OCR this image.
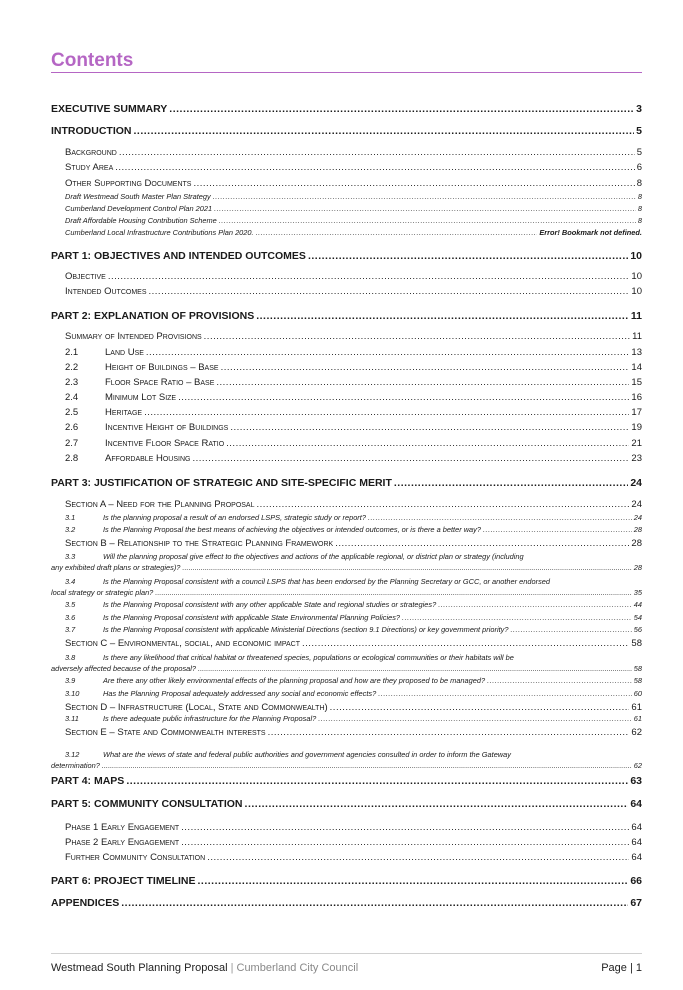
Contents
EXECUTIVE SUMMARY .....	3
INTRODUCTION .....	5
Background .....	5
Study Area .....	6
Other Supporting Documents .....	8
Draft Westmead South Master Plan Strategy .....	8
Cumberland Development Control Plan 2021 .....	8
Draft Affordable Housing Contribution Scheme .....	8
Cumberland Local Infrastructure Contributions Plan 2020. .....	Error! Bookmark not defined.
PART 1: OBJECTIVES AND INTENDED OUTCOMES .....	10
Objective .....	10
Intended Outcomes .....	10
PART 2: EXPLANATION OF PROVISIONS .....	11
Summary of Intended Provisions .....	11
2.1	Land Use .....	13
2.2	Height of Buildings – Base .....	14
2.3	Floor Space Ratio – Base .....	15
2.4	Minimum Lot Size .....	16
2.5	Heritage .....	17
2.6	Incentive Height of Buildings .....	19
2.7	Incentive Floor Space Ratio .....	21
2.8	Affordable Housing .....	23
PART 3: JUSTIFICATION OF STRATEGIC AND SITE-SPECIFIC MERIT .....	24
Section A – Need for the Planning Proposal .....	24
3.1	Is the planning proposal a result of an endorsed LSPS, strategic study or report? .....	24
3.2	Is the Planning Proposal the best means of achieving the objectives or intended outcomes, or is there a better way? .....	28
Section B – Relationship to the Strategic Planning Framework .....	28
3.3	Will the planning proposal give effect to the objectives and actions of the applicable regional, or district plan or strategy (including
any exhibited draft plans or strategies)? .....	28
3.4	Is the Planning Proposal consistent with a council LSPS that has been endorsed by the Planning Secretary or GCC, or another endorsed
local strategy or strategic plan? .....	35
3.5	Is the Planning Proposal consistent with any other applicable State and regional studies or strategies? .....	44
3.6	Is the Planning Proposal consistent with applicable State Environmental Planning Policies? .....	54
3.7	Is the Planning Proposal consistent with applicable Ministerial Directions (section 9.1 Directions) or key government priority? .....	56
Section C – Environmental, social, and economic impact .....	58
3.8	Is there any likelihood that critical habitat or threatened species, populations or ecological communities or their habitats will be
adversely affected because of the proposal? .....	58
3.9	Are there any other likely environmental effects of the planning proposal and how are they proposed to be managed? .....	58
3.10	Has the Planning Proposal adequately addressed any social and economic effects? .....	60
Section D – Infrastructure (Local, State and Commonwealth) .....	61
3.11	Is there adequate public infrastructure for the Planning Proposal? .....	61
Section E – State and Commonwealth interests .....	62
3.12	What are the views of state and federal public authorities and government agencies consulted in order to inform the Gateway
determination? .....	62
PART 4: MAPS .....	63
PART 5: COMMUNITY CONSULTATION .....	64
Phase 1 Early Engagement .....	64
Phase 2 Early Engagement .....	64
Further Community Consultation .....	64
PART 6: PROJECT TIMELINE .....	66
APPENDICES .....	67
Westmead South Planning Proposal | Cumberland City Council	Page | 1
